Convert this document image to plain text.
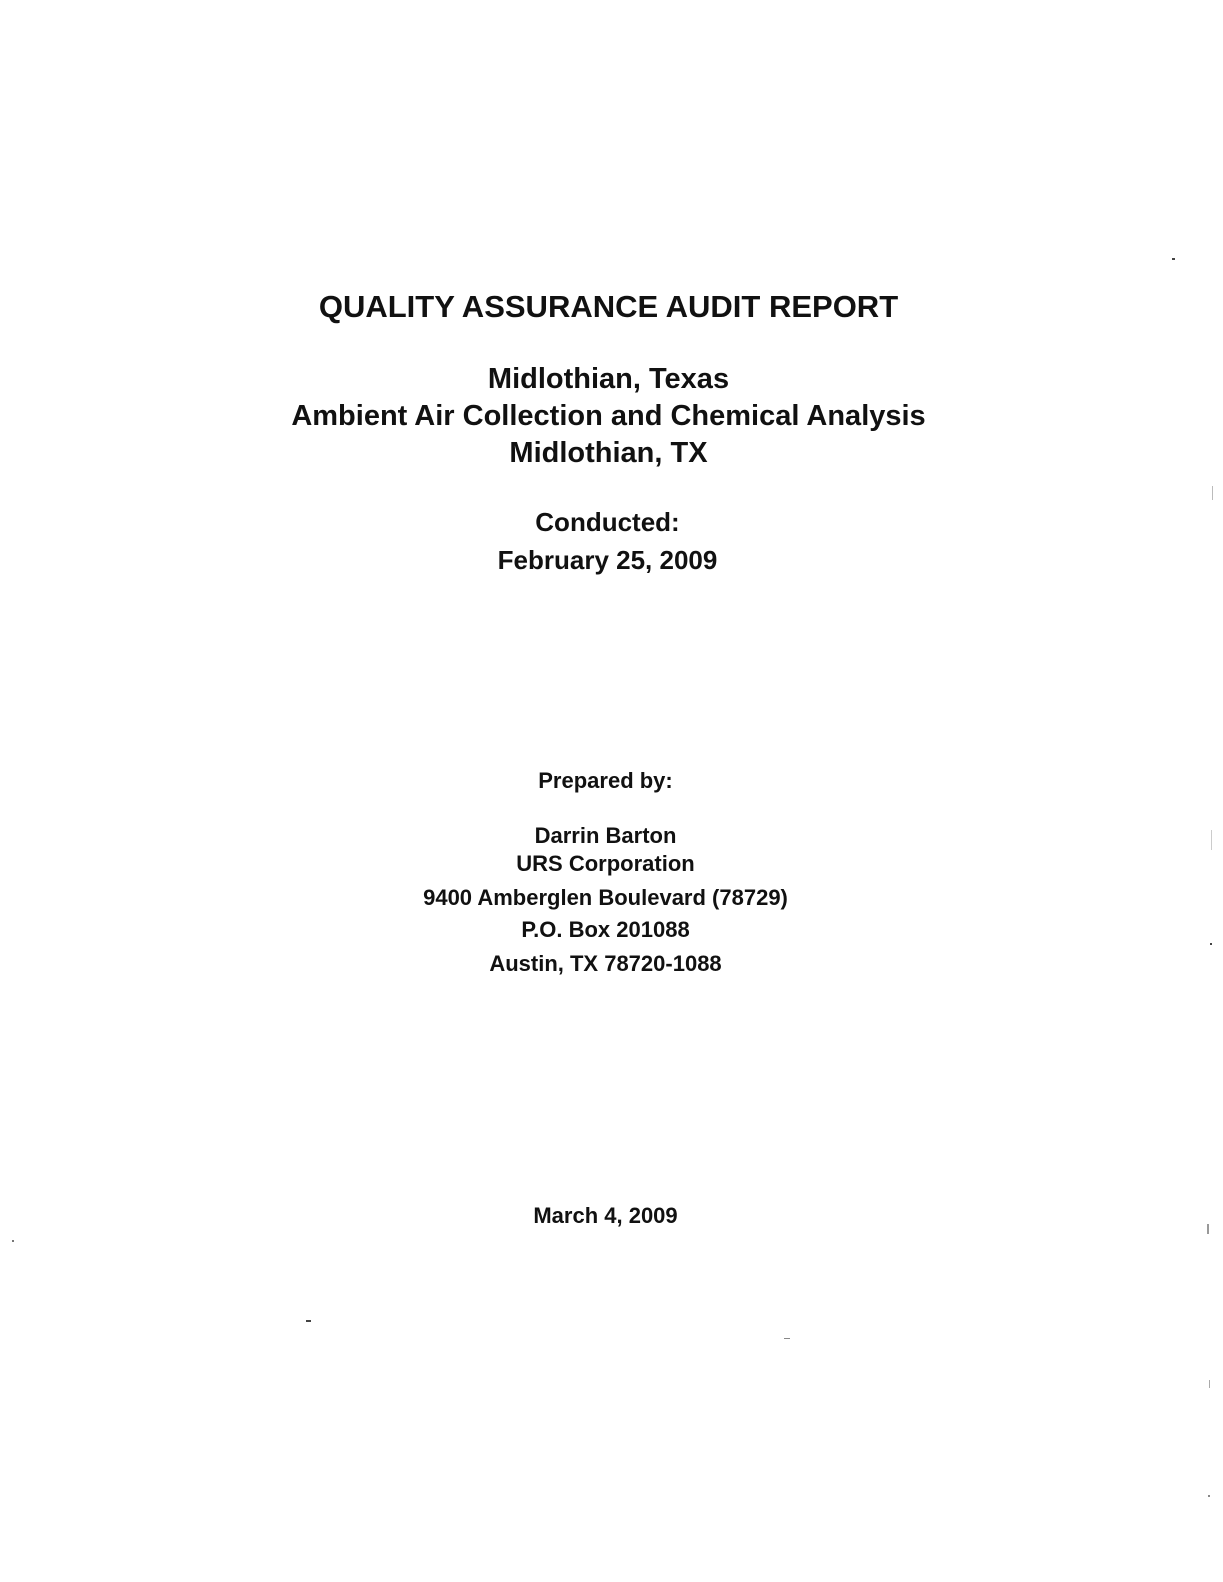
QUALITY ASSURANCE AUDIT REPORT
Midlothian, Texas
Ambient Air Collection and Chemical Analysis
Midlothian, TX
Conducted:
February 25, 2009
Prepared by:
Darrin Barton
URS Corporation
9400 Amberglen Boulevard (78729)
P.O. Box 201088
Austin, TX 78720-1088
March 4, 2009
